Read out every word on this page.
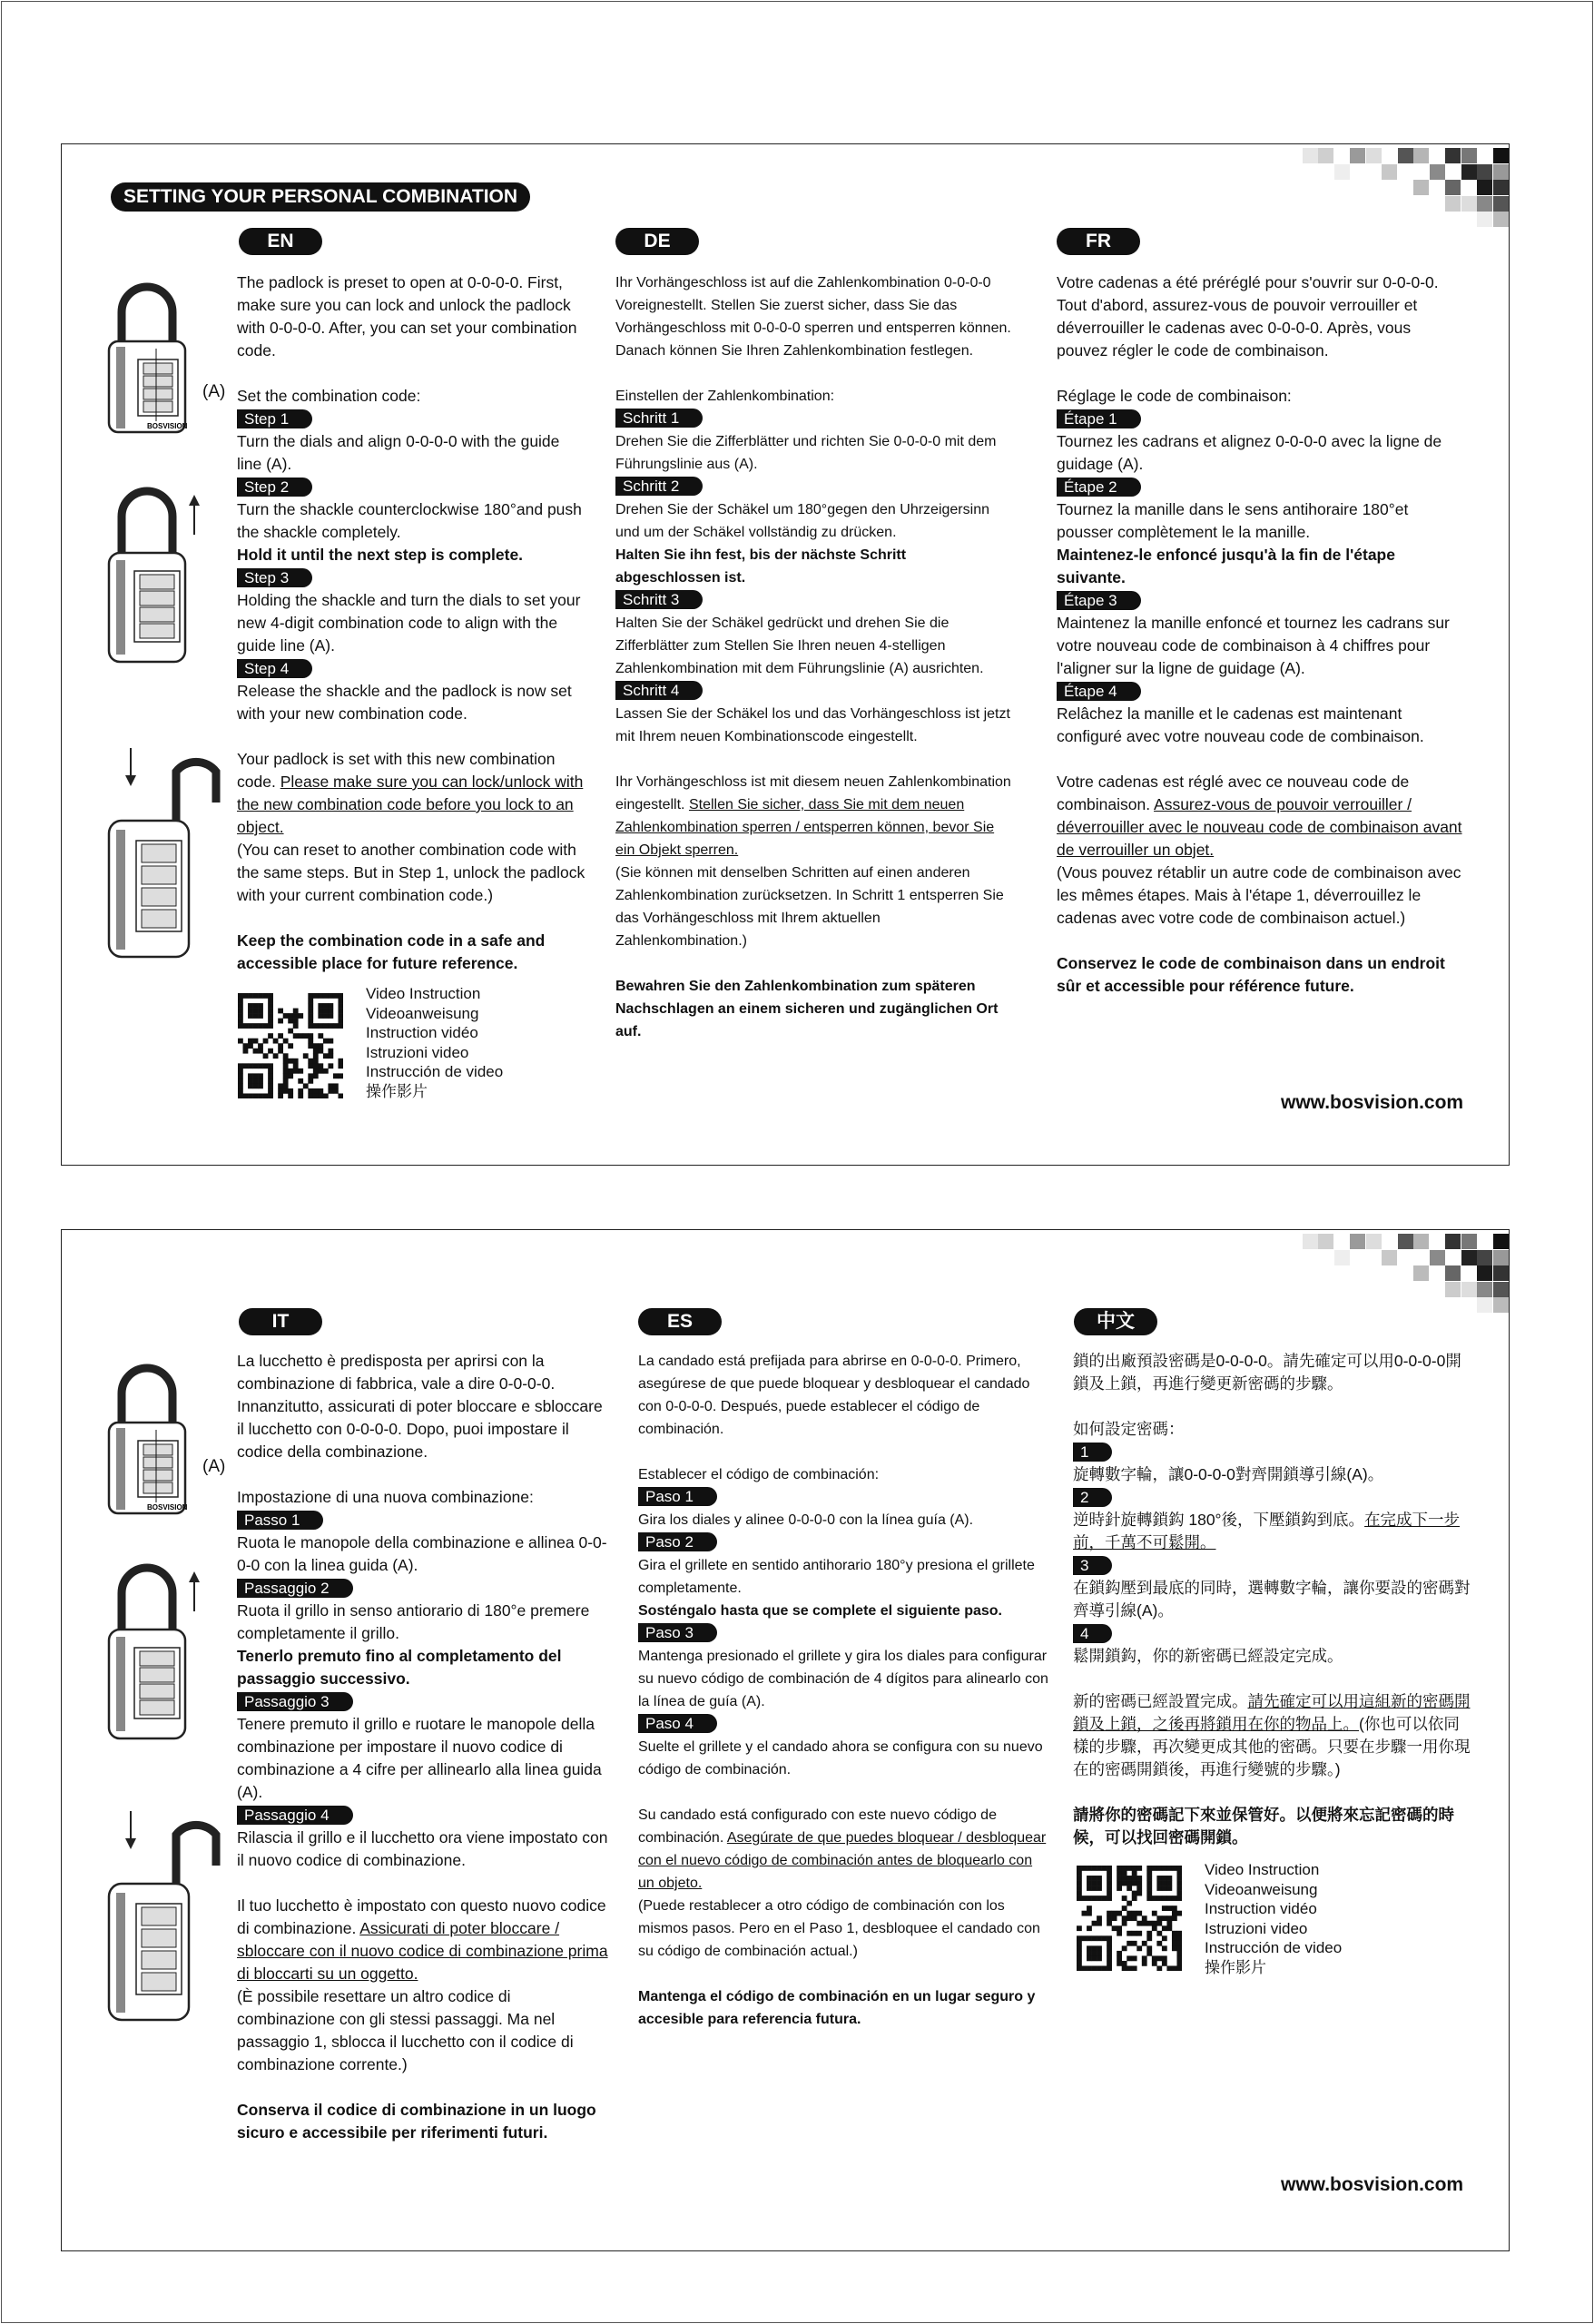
SETTING YOUR PERSONAL COMBINATION
BOSVISION
(A)
EN

The padlock is preset to open at 0-0-0-0. First, make sure you can lock and unlock the padlock with 0-0-0-0. After, you can set your combination code.

Set the combination code:

Step 1

Turn the dials and align 0-0-0-0 with the guide line (A).

Step 2

Turn the shackle counterclockwise 180°and push the shackle completely.

Hold it until the next step is complete.

Step 3

Holding the shackle and turn the dials to set your new 4-digit combination code to align with the guide line (A).

Step 4

Release the shackle and the padlock is now set with your new combination code.

Your padlock is set with this new combination code. Please make sure you can lock/unlock with the new combination code before you lock to an object.

(You can reset to another combination code with the same steps. But in Step 1, unlock the padlock with your current combination code.)

Keep the combination code in a safe and accessible place for future reference.

Video Instruction
Videoanweisung
Instruction vidéo
Istruzioni video
Instrucción de video
操作影片
DE

Ihr Vorhängeschloss ist auf die Zahlenkombination 0-0-0-0 Voreignestellt. Stellen Sie zuerst sicher, dass Sie das Vorhängeschloss mit 0-0-0-0 sperren und entsperren können. Danach können Sie Ihren Zahlenkombination festlegen.

Einstellen der Zahlenkombination:

Schritt 1

Drehen Sie die Zifferblätter und richten Sie 0-0-0-0 mit dem Führungslinie aus (A).

Schritt 2

Drehen Sie der Schäkel um 180°gegen den Uhrzeigersinn und um der Schäkel vollständig zu drücken.

Halten Sie ihn fest, bis der nächste Schritt abgeschlossen ist.

Schritt 3

Halten Sie der Schäkel gedrückt und drehen Sie die Zifferblätter zum Stellen Sie Ihren neuen 4-stelligen Zahlenkombination mit dem Führungslinie (A) ausrichten.

Schritt 4

Lassen Sie der Schäkel los und das Vorhängeschloss ist jetzt mit Ihrem neuen Kombinationscode eingestellt.

Ihr Vorhängeschloss ist mit diesem neuen Zahlenkombination eingestellt. Stellen Sie sicher, dass Sie mit dem neuen Zahlenkombination sperren / entsperren können, bevor Sie ein Objekt sperren.

(Sie können mit denselben Schritten auf einen anderen Zahlenkombination zurücksetzen. In Schritt 1 entsperren Sie das Vorhängeschloss mit Ihrem aktuellen Zahlenkombination.)

Bewahren Sie den Zahlenkombination zum späteren Nachschlagen an einem sicheren und zugänglichen Ort auf.

FR

Votre cadenas a été préréglé pour s'ouvrir sur 0-0-0-0. Tout d'abord, assurez-vous de pouvoir verrouiller et déverrouiller le cadenas avec 0-0-0-0. Après, vous pouvez régler le code de combinaison.

Réglage le code de combinaison:

Étape 1

Tournez les cadrans et alignez 0-0-0-0 avec la ligne de guidage (A).

Étape 2

Tournez la manille dans le sens antihoraire 180°et pousser complètement le la manille.

Maintenez-le enfoncé jusqu'à la fin de l'étape suivante.

Étape 3

Maintenez la manille enfoncé et tournez les cadrans sur votre nouveau code de combinaison à 4 chiffres pour l'aligner sur la ligne de guidage (A).

Étape 4

Relâchez la manille et le cadenas est maintenant configuré avec votre nouveau code de combinaison.

Votre cadenas est réglé avec ce nouveau code de combinaison. Assurez-vous de pouvoir verrouiller / déverrouiller avec le nouveau code de combinaison avant de verrouiller un objet.

(Vous pouvez rétablir un autre code de combinaison avec les mêmes étapes. Mais à l'étape 1, déverrouillez le cadenas avec votre code de combinaison actuel.)

Conservez le code de combinaison dans un endroit sûr et accessible pour référence future.

www.bosvision.com
BOSVISION
(A)
IT

La lucchetto è predisposta per aprirsi con la combinazione di fabbrica, vale a dire 0-0-0-0. Innanzitutto, assicurati di poter bloccare e sbloccare il lucchetto con 0-0-0-0. Dopo, puoi impostare il codice della combinazione.

Impostazione di una nuova combinazione:

Passo 1

Ruota le manopole della combinazione e allinea 0-0-0-0 con la linea guida (A).

Passaggio 2

Ruota il grillo in senso antiorario di 180°e premere completamente il grillo.

Tenerlo premuto fino al completamento del passaggio successivo.

Passaggio 3

Tenere premuto il grillo e ruotare le manopole della combinazione per impostare il nuovo codice di combinazione a 4 cifre per allinearlo alla linea guida (A).

Passaggio 4

Rilascia il grillo e il lucchetto ora viene impostato con il nuovo codice di combinazione.

Il tuo lucchetto è impostato con questo nuovo codice di combinazione. Assicurati di poter bloccare / sbloccare con il nuovo codice di combinazione prima di bloccarti su un oggetto.

(È possibile resettare un altro codice di combinazione con gli stessi passaggi. Ma nel passaggio 1, sblocca il lucchetto con il codice di combinazione corrente.)

Conserva il codice di combinazione in un luogo sicuro e accessibile per riferimenti futuri.

ES

La candado está prefijada para abrirse en 0-0-0-0. Primero, asegúrese de que puede bloquear y desbloquear el candado con 0-0-0-0. Después, puede establecer el código de combinación.

Establecer el código de combinación:

Paso 1

Gira los diales y alinee 0-0-0-0 con la línea guía (A).

Paso 2

Gira el grillete en sentido antihorario 180°y presiona el grillete completamente.

Sosténgalo hasta que se complete el siguiente paso.

Paso 3

Mantenga presionado el grillete y gira los diales para configurar su nuevo código de combinación de 4 dígitos para alinearlo con la línea de guía (A).

Paso 4

Suelte el grillete y el candado ahora se configura con su nuevo código de combinación.

Su candado está configurado con este nuevo código de combinación. Asegúrate de que puedes bloquear / desbloquear con el nuevo código de combinación antes de bloquearlo con un objeto.

(Puede restablecer a otro código de combinación con los mismos pasos. Pero en el Paso 1, desbloquee el candado con su código de combinación actual.)

Mantenga el código de combinación en un lugar seguro y accesible para referencia futura.

中文

鎖的出廠預設密碼是0-0-0-0。請先確定可以用0-0-0-0開鎖及上鎖，再進行變更新密碼的步驟。

如何設定密碼：

1

旋轉數字輪，讓0-0-0-0對齊開鎖導引線(A)。

2

逆時針旋轉鎖鈎 180°後，下壓鎖鈎到底。在完成下一步前，千萬不可鬆開。

3

在鎖鈎壓到最底的同時，選轉數字輪，讓你要設的密碼對齊導引線(A)。

4

鬆開鎖鈎，你的新密碼已經設定完成。

新的密碼已經設置完成。請先確定可以用這組新的密碼開鎖及上鎖，之後再將鎖用在你的物品上。(你也可以依同樣的步驟，再次變更成其他的密碼。只要在步驟一用你現在的密碼開鎖後，再進行變號的步驟。)

請將你的密碼記下來並保管好。以便將來忘記密碼的時候，可以找回密碼開鎖。

Video Instruction
Videoanweisung
Instruction vidéo
Istruzioni video
Instrucción de video
操作影片
www.bosvision.com
